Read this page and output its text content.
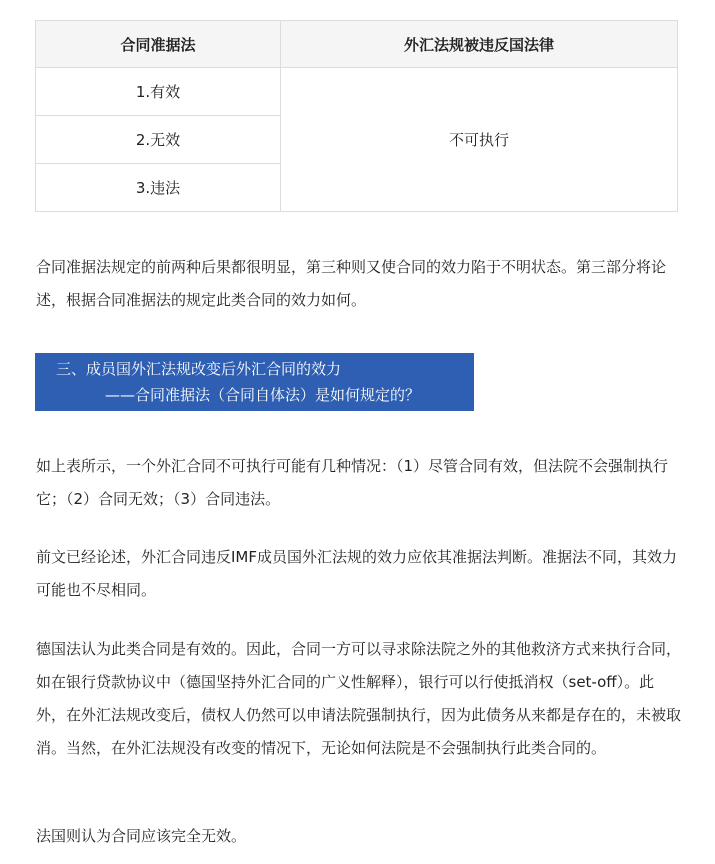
合同准据法	外汇法规被违反国法律
1.有效	不可执行
2.无效	
3.违法	

合同准据法规定的前两种后果都很明显，第三种则又使合同的效力陷于不明状态。第三部分将论述，根据合同准据法的规定此类合同的效力如何。

三、成员国外汇法规改变后外汇合同的效力
——合同准据法（合同自体法）是如何规定的？

如上表所示，一个外汇合同不可执行可能有几种情况：（1）尽管合同有效，但法院不会强制执行它；（2）合同无效；（3）合同违法。

前文已经论述，外汇合同违反IMF成员国外汇法规的效力应依其准据法判断。准据法不同，其效力可能也不尽相同。

德国法认为此类合同是有效的。因此，合同一方可以寻求除法院之外的其他救济方式来执行合同，如在银行贷款协议中（德国坚持外汇合同的广义性解释），银行可以行使抵消权（set-off）。此外，在外汇法规改变后，债权人仍然可以申请法院强制执行，因为此债务从来都是存在的，未被取消。当然，在外汇法规没有改变的情况下，无论如何法院是不会强制执行此类合同的。

法国则认为合同应该完全无效。
